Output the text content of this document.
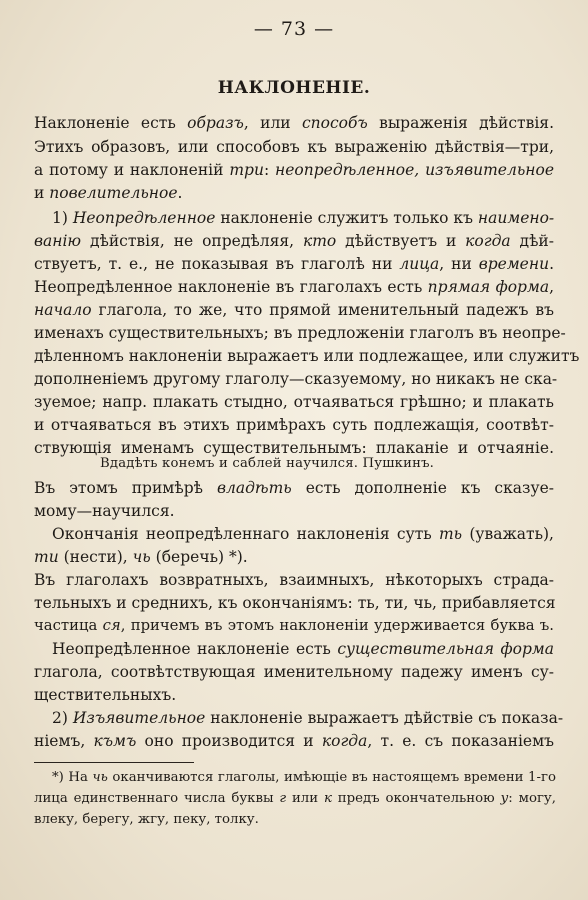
— 73 —
НАКЛОНЕНІЕ.
Наклоненіе есть образъ, или способъ выраженія дѣйствія.
Этихъ образовъ, или способовъ къ выраженію дѣйствія—три,
а потому и наклоненій три: неопредѣленное, изъявительное
и повелительное.
1) Неопредѣленное наклоненіе служитъ только къ наимено-
ванію дѣйствія, не опредѣляя, кто дѣйствуетъ и когда дѣй-
ствуетъ, т. е., не показывая въ глаголѣ ни лица, ни времени.
Неопредѣленное наклоненіе въ глаголахъ есть прямая форма,
начало глагола, то же, что прямой именительный падежъ въ
именахъ существительныхъ; въ предложеніи глаголъ въ неопре-
дѣленномъ наклоненіи выражаетъ или подлежащее, или служитъ
дополненіемъ другому глаголу—сказуемому, но никакъ не ска-
зуемое; напр. плакать стыдно, отчаяваться грѣшно; и плакать
и отчаяваться въ этихъ примѣрахъ суть подлежащія, соотвѣт-
ствующія именамъ существительнымъ: плаканіе и отчаяніе.
Вдадѣть конемъ и саблей научился. Пушкинъ.
Въ этомъ примѣрѣ владѣть есть дополненіе къ сказуе-
мому—научился.
Окончанія неопредѣленнаго наклоненія суть ть (уважать),
ти (нести), чь (беречь) *).
Въ глаголахъ возвратныхъ, взаимныхъ, нѣкоторыхъ страда-
тельныхъ и среднихъ, къ окончаніямъ: ть, ти, чь, прибавляется
частица ся, причемъ въ этомъ наклоненіи удерживается буква ъ.
Неопредѣленное наклоненіе есть существительная форма
глагола, соотвѣтствующая именительному падежу именъ су-
ществительныхъ.
2) Изъявительное наклоненіе выражаетъ дѣйствіе съ показа-
ніемъ, къмъ оно производится и когда, т. е. съ показаніемъ
*) На чь оканчиваются глаголы, имѣющіе въ настоящемъ времени 1-го
лица единственнаго числа буквы г или к предъ окончательною у: могу,
влеку, берегу, жгу, пеку, толку.
